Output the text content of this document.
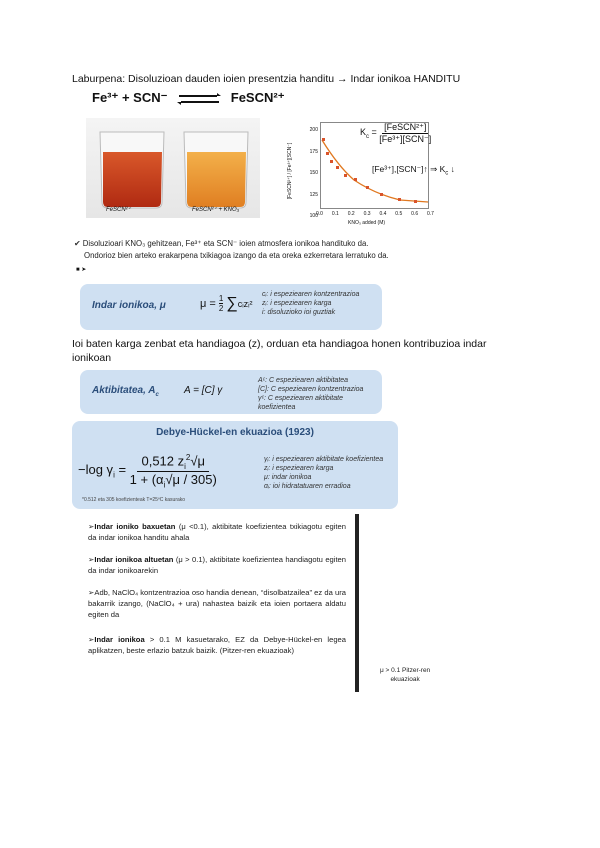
Laburpena: Disoluzioan dauden ioien presentzia handitu → Indar ionikoa HANDITU
Fe³⁺ + SCN⁻ ⇌ FeSCN²⁺
FeSCN²⁺	FeSCN²⁺ + KNO₃
[FeSCN²⁺] / [Fe³⁺][SCN⁻]
200
175
150
125
100
0.0 0.1 0.2 0.3 0.4 0.5 0.6 0.7
KNO₃ added (M)
$K_c$ =
[FeSCN²⁺]
[Fe³⁺][SCN⁻]
[Fe³⁺],[SCN⁻]↑ ⇒ $K_c$ ↓
✔ Disoluzioari KNO₃ gehitzean, Fe³⁺ eta SCN⁻ ioien atmosfera ionikoa handituko da.
Ondorioz bien arteko erakarpena txikiagoa izango da eta oreka ezkerretara lerratuko da.
■ ➤
Indar ionikoa, μ	$\mu = \frac{1}{2}$ ∑ cᵢzᵢ²
cᵢ: i espeziearen kontzentrazioa
zᵢ: i espeziearen karga
i: disoluzioko ioi guztiak
Ioi baten karga zenbat eta handiagoa (z), orduan eta handiagoa honen kontribuzioa indar ionikoan
Aktibitatea, $A_c$	A = [C] γ
Aᶜ: C espeziearen aktibitatea
[C]: C espeziearen kontzentrazioa
γᶜ: C espeziearen aktibitate koefizientea
Debye-Hückel-en ekuazioa (1923)
−log $\gamma_i = \frac{0,512 z_i^2√\mu}{1 + (\alpha_i√\mu / 305)}$	γᵢ: i espeziearen aktibitate koefizientea
zᵢ: i espeziearen karga
μ: indar ionikoa
αᵢ: ioi hidratatuaren erradioa
*0.512 eta 305 koefizienteak T=25ºC kasurako

➢Indar ioniko baxuetan (μ <0.1), aktibitate koefizientea txikiagotu egiten da indar ionikoa handitu ahala

➢Indar ionikoa altuetan (μ > 0.1), aktibitate koefizientea handiagotu egiten da indar ionikoarekin

➢Adb, NaClO₄ kontzentrazioa oso handia denean, “disolbatzailea” ez da ura bakarrik izango, (NaClO₄ + ura) nahastea baizik eta ioien portaera aldatu egiten da

➢Indar ionikoa > 0.1 M kasuetarako, EZ da Debye-Hückel-en legea aplikatzen, beste erlazio batzuk baizik. (Pitzer-ren ekuazioak)

μ > 0.1 Pitzer-ren
ekuazioak
